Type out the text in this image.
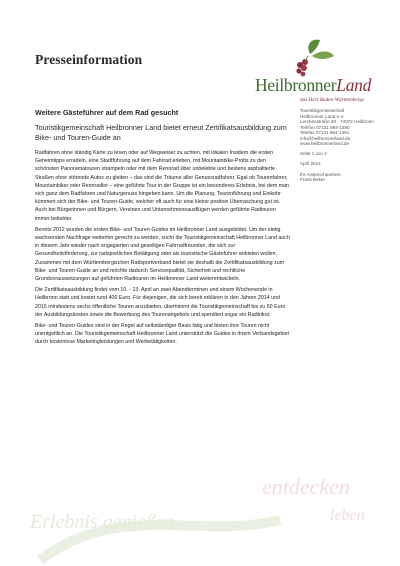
entdecken
leben
Erlebnis genießen
Presseinformation
HeilbronnerLand
das Herz Baden-Württembergs
Touristikgemeinschaft
Heilbronner Land e.V.
Lerchenstraße 40 · 74072 Heilbronn
Telefon 07131 994-1390
Telefax 07131 994-1391
info@heilbronnerland.de
www.heilbronnerland.de
Seite 1 von 2
April 2014
Ihr Ansprechpartner:
Frank Beker
Weitere Gästeführer auf dem Rad gesucht
Touristikgemeinschaft Heilbronner Land bietet erneut Zertifikatsausbildung zum Bike- und Touren-Guide an

Radfahren ohne ständig Karte zu lesen oder auf Wegweiser zu achten, mit lokalen Insidern die ersten Geheimtipps erradeln, eine Stadtführung auf dem Fahrrad erleben, mit Mountainbike-Profis zu den schönsten Panoramatouren strampeln oder mit dem Rennrad über unbelebte und bestens asphaltierte Straßen ohne störende Autos zu gleiten – das sind die Träume aller Genussradfahrer. Egal ob Tourenfahrer, Mountainbiker oder Rennradler – eine geführte Tour in der Gruppe ist ein besonderes Erlebnis, bei dem man sich ganz dem Radfahren und Naturgenuss hingeben kann. Um die Planung, Tourenführung und Einkehr kümmert sich der Bike- und Touren-Guide, welcher oft auch für eine kleine positive Überraschung gut ist. Auch bei Bürgerinnen und Bürgern, Vereinen und Unternehmensausflügen werden geführte Radtouren immer beliebter.

Bereits 2012 wurden die ersten Bike- und Touren-Guides im Heilbronner Land ausgebildet. Um der stetig wachsenden Nachfrage weiterhin gerecht zu werden, sucht die Touristikgemeinschaft Heilbronner Land auch in diesem Jahr wieder nach engagierten und geselligen Fahrradfreunden, die sich zur Gesundheitsförderung, zur radsportlichen Betätigung oder als touristische Gästeführer anbieten wollen. Zusammen mit dem Württembergischen Radsportverband bietet sie deshalb die Zertifikatsausbildung zum Bike- und Touren-Guide an und möchte dadurch Servicequalität, Sicherheit und rechtliche Grundvoraussetzungen auf geführten Radtouren im Heilbronner Land weiterentwickeln.

Die Zertifikatsausbildung findet vom 10. - 13. April an zwei Abendterminen und einem Wochenende in Heilbronn statt und kostet rund 400 Euro. Für diejenigen, die sich bereit erklären in den Jahren 2014 und 2015 mindestens sechs öffentliche Touren anzubieten, übernimmt die Touristikgemeinschaft bis zu 60 Euro der Ausbildungskosten sowie die Bewerbung des Tourenangebots und spendiert sogar ein Radtrikot.

Bike- und Touren-Guides sind in der Regel auf selbständiger Basis tätig und bieten ihre Touren nicht unentgeltlich an. Die Touristikgemeinschaft Heilbronner Land unterstützt die Guides in ihrem Verbandsgebiet durch kostenlose Marketingleistungen und Werbetätigkeiten.
